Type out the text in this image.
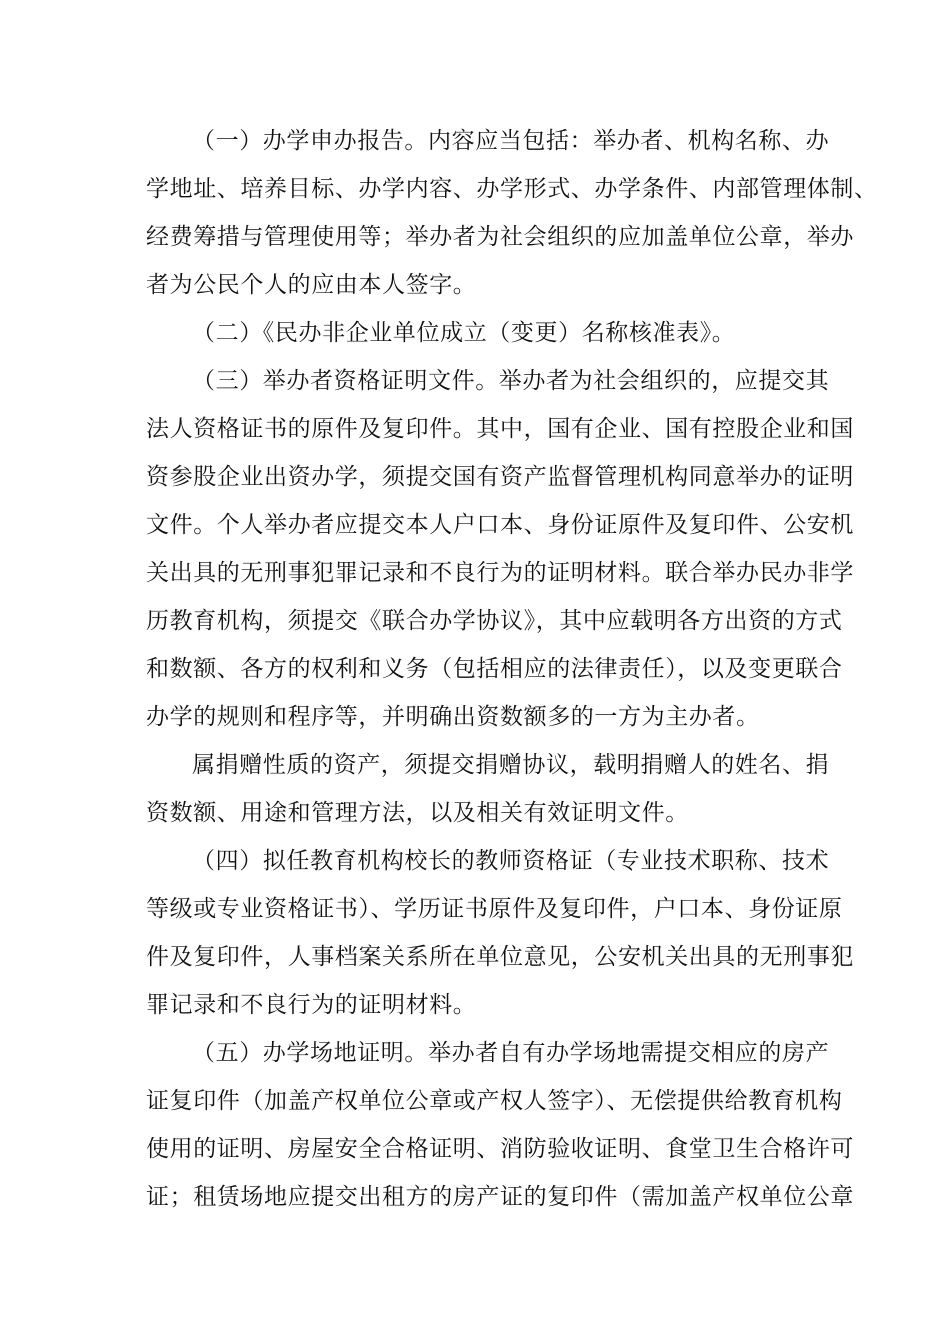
（一）办学申办报告。内容应当包括：举办者、机构名称、办

学地址、培养目标、办学内容、办学形式、办学条件、内部管理体制、

经费筹措与管理使用等；举办者为社会组织的应加盖单位公章，举办

者为公民个人的应由本人签字。

（二）《民办非企业单位成立（变更）名称核准表》。

（三）举办者资格证明文件。举办者为社会组织的，应提交其

法人资格证书的原件及复印件。其中，国有企业、国有控股企业和国

资参股企业出资办学，须提交国有资产监督管理机构同意举办的证明

文件。个人举办者应提交本人户口本、身份证原件及复印件、公安机

关出具的无刑事犯罪记录和不良行为的证明材料。联合举办民办非学

历教育机构，须提交《联合办学协议》，其中应载明各方出资的方式

和数额、各方的权利和义务（包括相应的法律责任），以及变更联合

办学的规则和程序等，并明确出资数额多的一方为主办者。

属捐赠性质的资产，须提交捐赠协议，载明捐赠人的姓名、捐

资数额、用途和管理方法，以及相关有效证明文件。

（四）拟任教育机构校长的教师资格证（专业技术职称、技术

等级或专业资格证书）、学历证书原件及复印件，户口本、身份证原

件及复印件，人事档案关系所在单位意见，公安机关出具的无刑事犯

罪记录和不良行为的证明材料。

（五）办学场地证明。举办者自有办学场地需提交相应的房产

证复印件（加盖产权单位公章或产权人签字）、无偿提供给教育机构

使用的证明、房屋安全合格证明、消防验收证明、食堂卫生合格许可

证；租赁场地应提交出租方的房产证的复印件（需加盖产权单位公章
